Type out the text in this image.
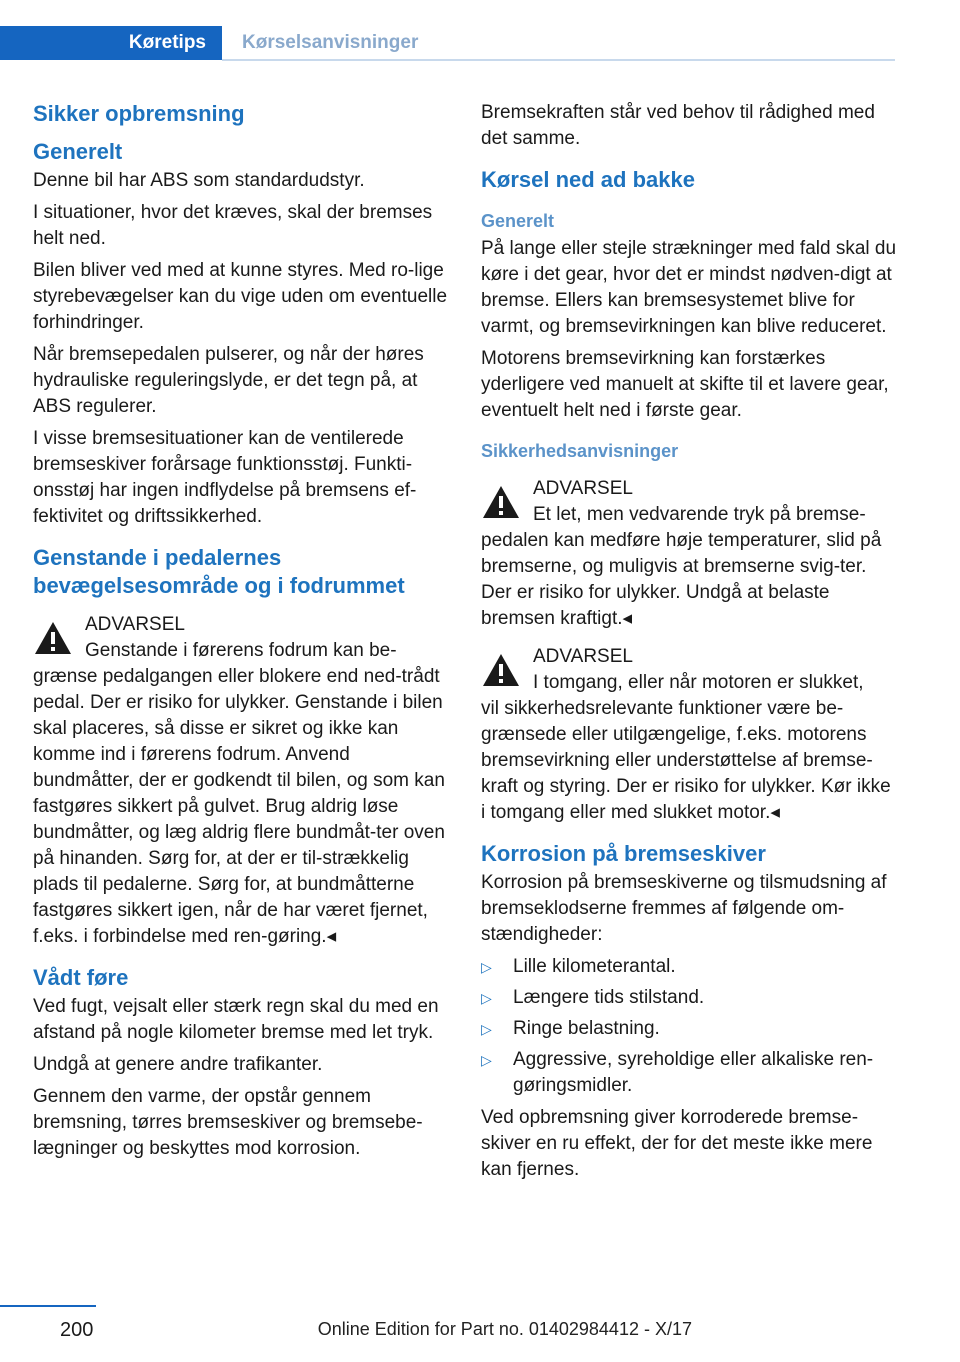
Køretips Kørselsanvisninger
Sikker opbremsning
Generelt
Denne bil har ABS som standardudstyr.
I situationer, hvor det kræves, skal der bremses helt ned.
Bilen bliver ved med at kunne styres. Med ro-lige styrebevægelser kan du vige uden om eventuelle forhindringer.
Når bremsepedalen pulserer, og når der høres hydrauliske reguleringslyde, er det tegn på, at ABS regulerer.
I visse bremsesituationer kan de ventilerede bremseskiver forårsage funktionsstøj. Funkti-onsstøj har ingen indflydelse på bremsens ef-fektivitet og driftssikkerhed.
Genstande i pedalernes bevægelsesområde og i fodrummet
ADVARSEL
Genstande i førerens fodrum kan be-
grænse pedalgangen eller blokere end ned-trådt pedal. Der er risiko for ulykker. Genstande i bilen skal placeres, så disse er sikret og ikke kan komme ind i førerens fodrum. Anvend bundmåtter, der er godkendt til bilen, og som kan fastgøres sikkert på gulvet. Brug aldrig løse bundmåtter, og læg aldrig flere bundmåt-ter oven på hinanden. Sørg for, at der er til-strækkelig plads til pedalerne. Sørg for, at bundmåtterne fastgøres sikkert igen, når de har været fjernet, f.eks. i forbindelse med ren-gøring.◂
Vådt føre
Ved fugt, vejsalt eller stærk regn skal du med en afstand på nogle kilometer bremse med let tryk.
Undgå at genere andre trafikanter.
Gennem den varme, der opstår gennem bremsning, tørres bremseskiver og bremsebe-lægninger og beskyttes mod korrosion.
Bremsekraften står ved behov til rådighed med det samme.
Kørsel ned ad bakke
Generelt
På lange eller stejle strækninger med fald skal du køre i det gear, hvor det er mindst nødven-digt at bremse. Ellers kan bremsesystemet blive for varmt, og bremsevirkningen kan blive reduceret.
Motorens bremsevirkning kan forstærkes yderligere ved manuelt at skifte til et lavere gear, eventuelt helt ned i første gear.
Sikkerhedsanvisninger
ADVARSEL
Et let, men vedvarende tryk på bremse-
pedalen kan medføre høje temperaturer, slid på bremserne, og muligvis at bremserne svig-ter. Der er risiko for ulykker. Undgå at belaste bremsen kraftigt.◂
ADVARSEL
I tomgang, eller når motoren er slukket,
vil sikkerhedsrelevante funktioner være be-grænsede eller utilgængelige, f.eks. motorens bremsevirkning eller understøttelse af bremse-kraft og styring. Der er risiko for ulykker. Kør ikke i tomgang eller med slukket motor.◂
Korrosion på bremseskiver
Korrosion på bremseskiverne og tilsmudsning af bremseklodserne fremmes af følgende om-stændigheder:
▷ Lille kilometerantal.
▷ Længere tids stilstand.
▷ Ringe belastning.
▷ Aggressive, syreholdige eller alkaliske ren-gøringsmidler.
Ved opbremsning giver korroderede bremse-skiver en ru effekt, der for det meste ikke mere kan fjernes.
200	Online Edition for Part no. 01402984412 - X/17
